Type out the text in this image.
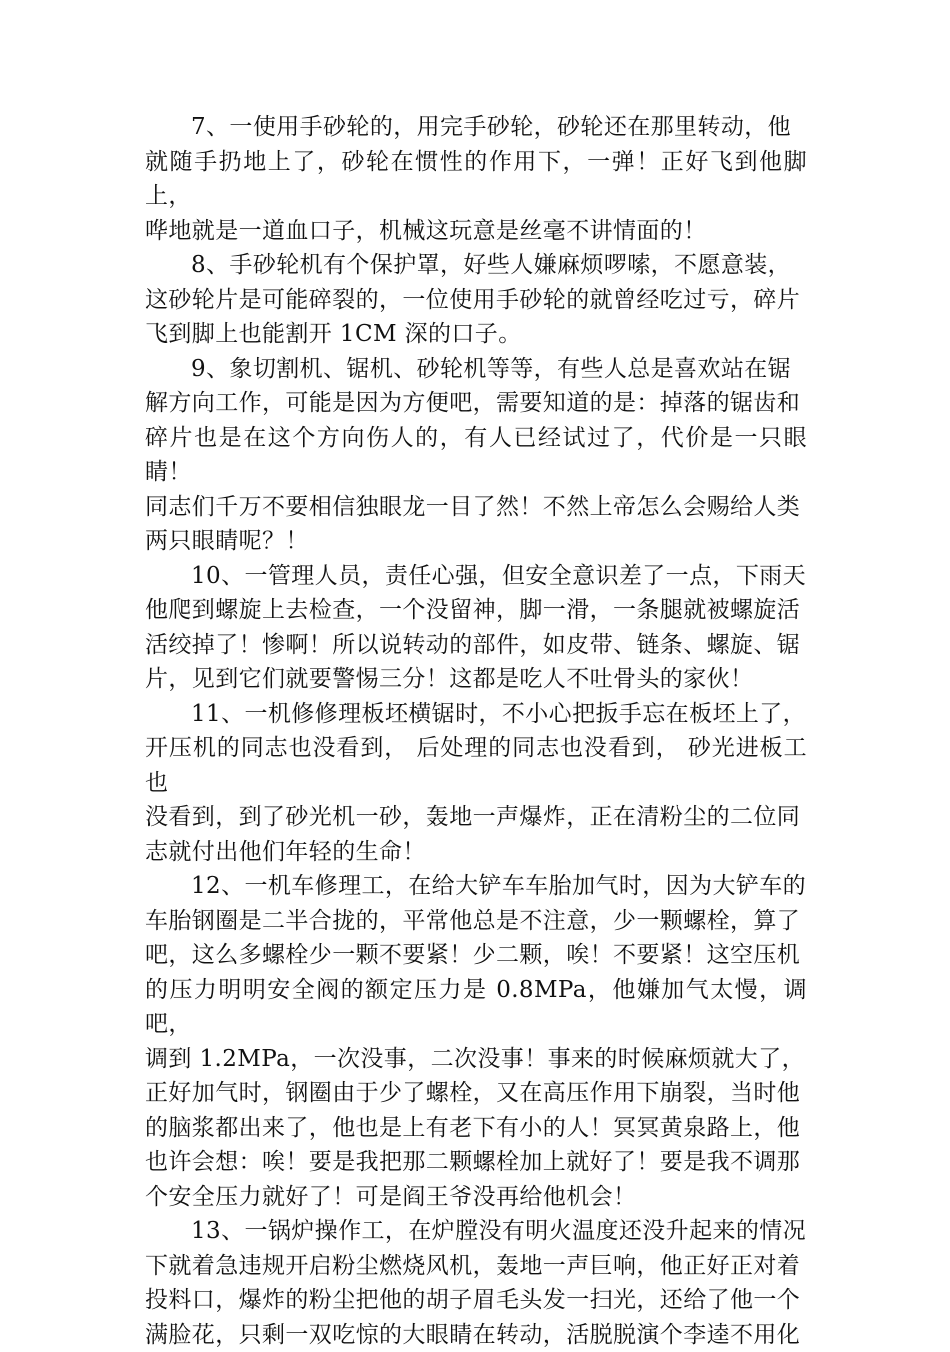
7、一使用手砂轮的，用完手砂轮，砂轮还在那里转动，他
就随手扔地上了，砂轮在惯性的作用下，一弹！正好飞到他脚上，
哗地就是一道血口子，机械这玩意是丝毫不讲情面的！

8、手砂轮机有个保护罩，好些人嫌麻烦啰嗦，不愿意装，
这砂轮片是可能碎裂的，一位使用手砂轮的就曾经吃过亏，碎片
飞到脚上也能割开 1CM 深的口子。

9、象切割机、锯机、砂轮机等等，有些人总是喜欢站在锯
解方向工作，可能是因为方便吧，需要知道的是：掉落的锯齿和
碎片也是在这个方向伤人的，有人已经试过了，代价是一只眼睛！
同志们千万不要相信独眼龙一目了然！不然上帝怎么会赐给人类
两只眼睛呢？！

10、一管理人员，责任心强，但安全意识差了一点，下雨天
他爬到螺旋上去检查，一个没留神，脚一滑，一条腿就被螺旋活
活绞掉了！惨啊！所以说转动的部件，如皮带、链条、螺旋、锯
片，见到它们就要警惕三分！这都是吃人不吐骨头的家伙！

11、一机修修理板坯横锯时，不小心把扳手忘在板坯上了，
开压机的同志也没看到， 后处理的同志也没看到， 砂光进板工也
没看到，到了砂光机一砂，轰地一声爆炸，正在清粉尘的二位同
志就付出他们年轻的生命！

12、一机车修理工，在给大铲车车胎加气时，因为大铲车的
车胎钢圈是二半合拢的，平常他总是不注意，少一颗螺栓，算了
吧，这么多螺栓少一颗不要紧！少二颗，唉！不要紧！这空压机
的压力明明安全阀的额定压力是 0.8MPa，他嫌加气太慢，调吧，
调到 1.2MPa，一次没事，二次没事！事来的时候麻烦就大了，
正好加气时，钢圈由于少了螺栓，又在高压作用下崩裂，当时他
的脑浆都出来了，他也是上有老下有小的人！冥冥黄泉路上，他
也许会想：唉！要是我把那二颗螺栓加上就好了！要是我不调那
个安全压力就好了！可是阎王爷没再给他机会！

13、一锅炉操作工，在炉膛没有明火温度还没升起来的情况
下就着急违规开启粉尘燃烧风机，轰地一声巨响，他正好正对着
投料口，爆炸的粉尘把他的胡子眉毛头发一扫光，还给了他一个
满脸花，只剩一双吃惊的大眼睛在转动，活脱脱演个李逵不用化
